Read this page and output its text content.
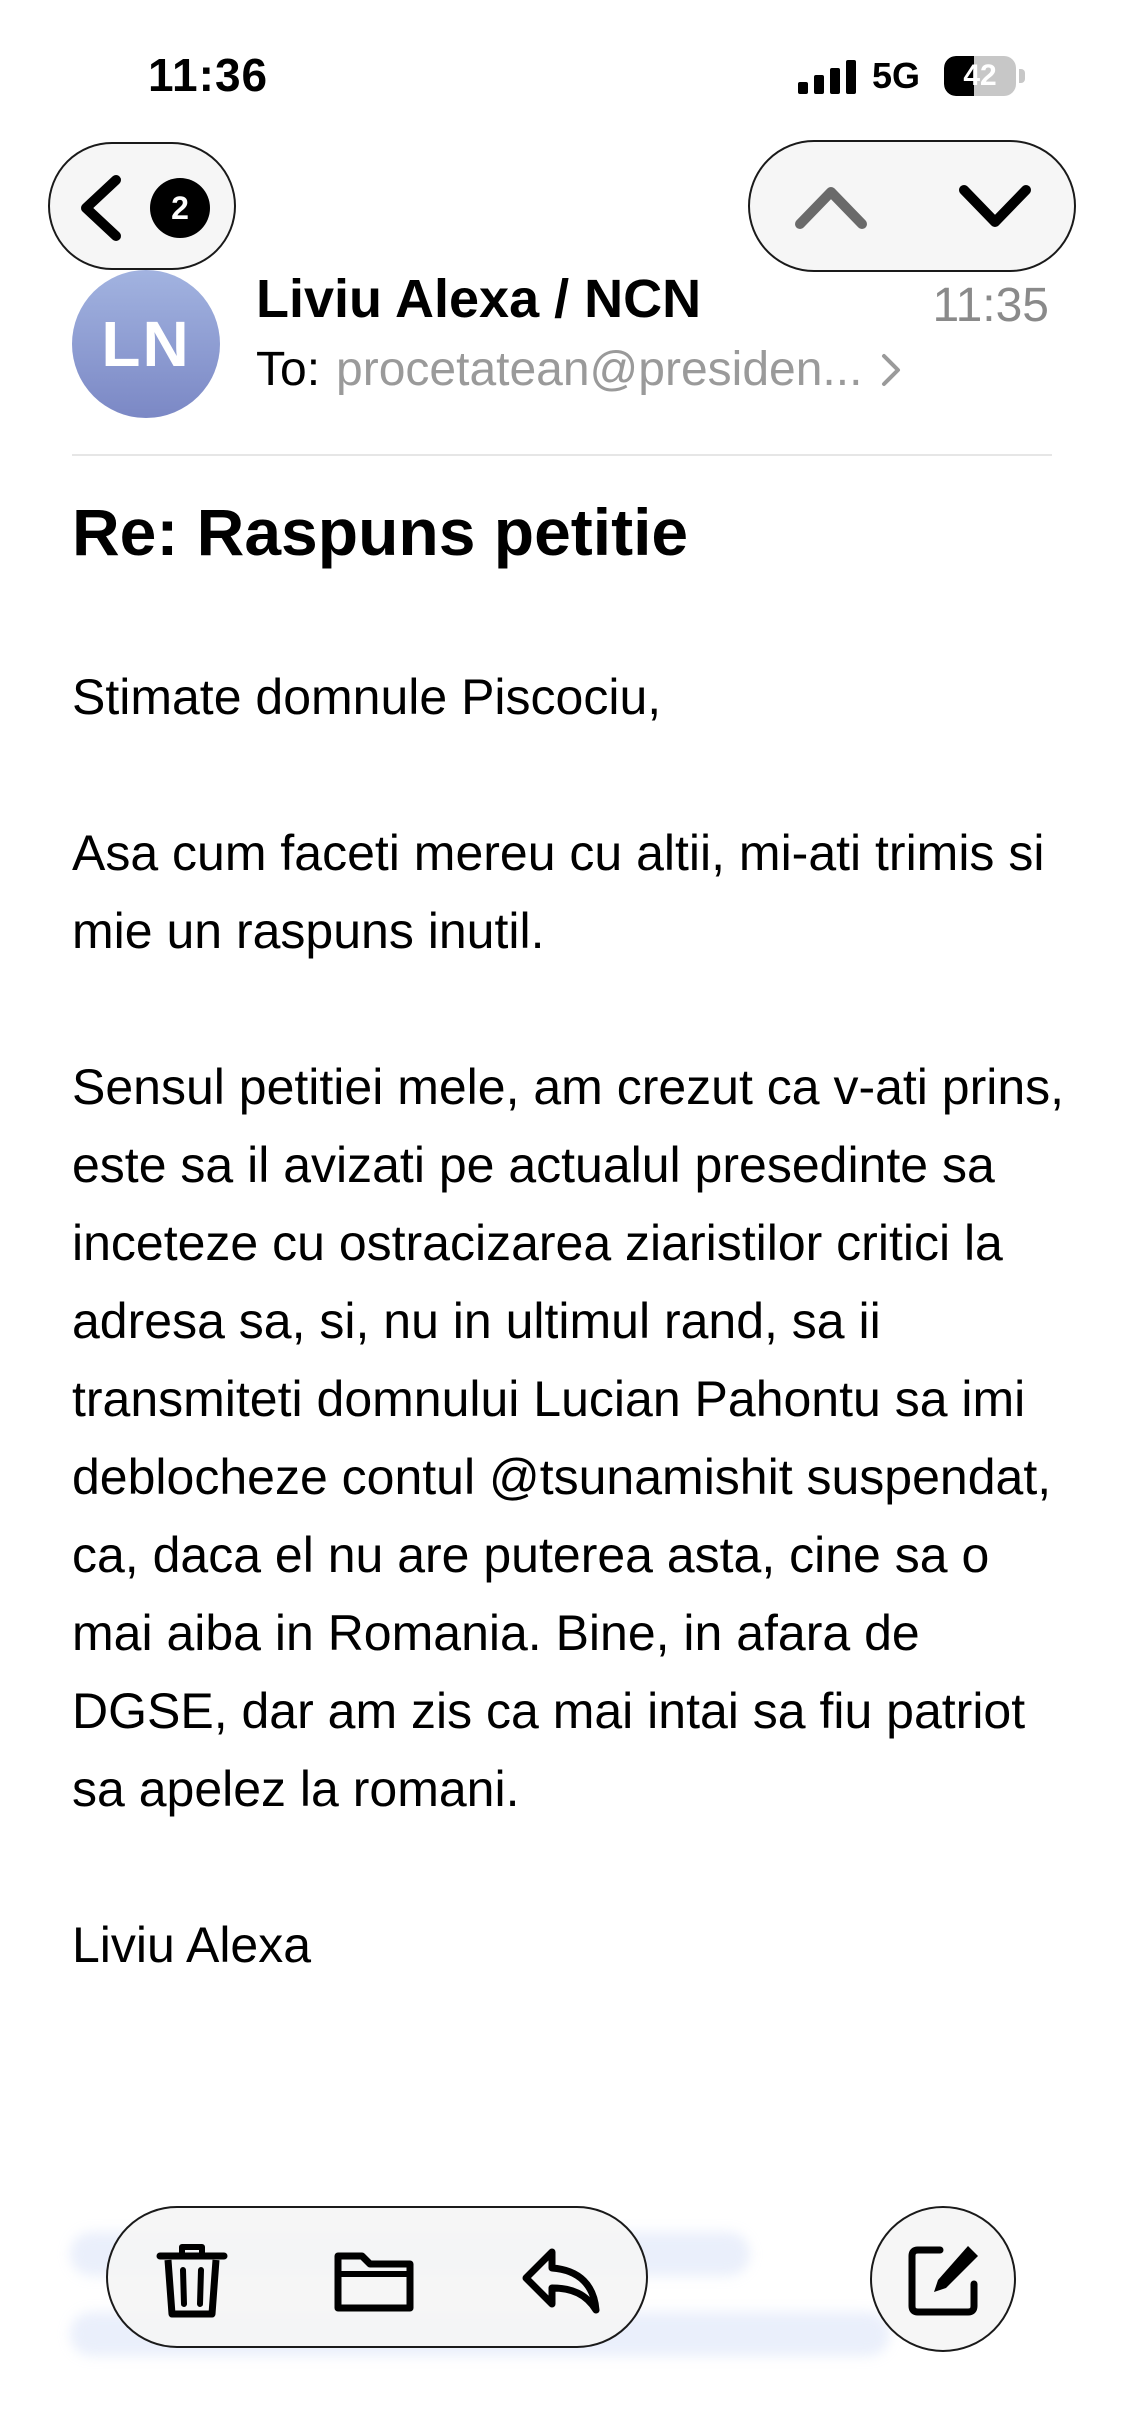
11:36	5G	42
2
LN
Liviu Alexa / NCN	11:35
To: procetatean@presiden...
Re: Raspuns petitie

Stimate domnule Piscociu,

Asa cum faceti mereu cu altii, mi-ati trimis si mie un raspuns inutil.

Sensul petitiei mele, am crezut ca v-ati prins, este sa il avizati pe actualul presedinte sa inceteze cu ostracizarea ziaristilor critici la adresa sa, si, nu in ultimul rand, sa ii transmiteti domnului Lucian Pahontu sa imi deblocheze contul @tsunamishit suspendat, ca, daca el nu are puterea asta, cine sa o mai aiba in Romania. Bine, in afara de DGSE, dar am zis ca mai intai sa fiu patriot sa apelez la romani.

Liviu Alexa
